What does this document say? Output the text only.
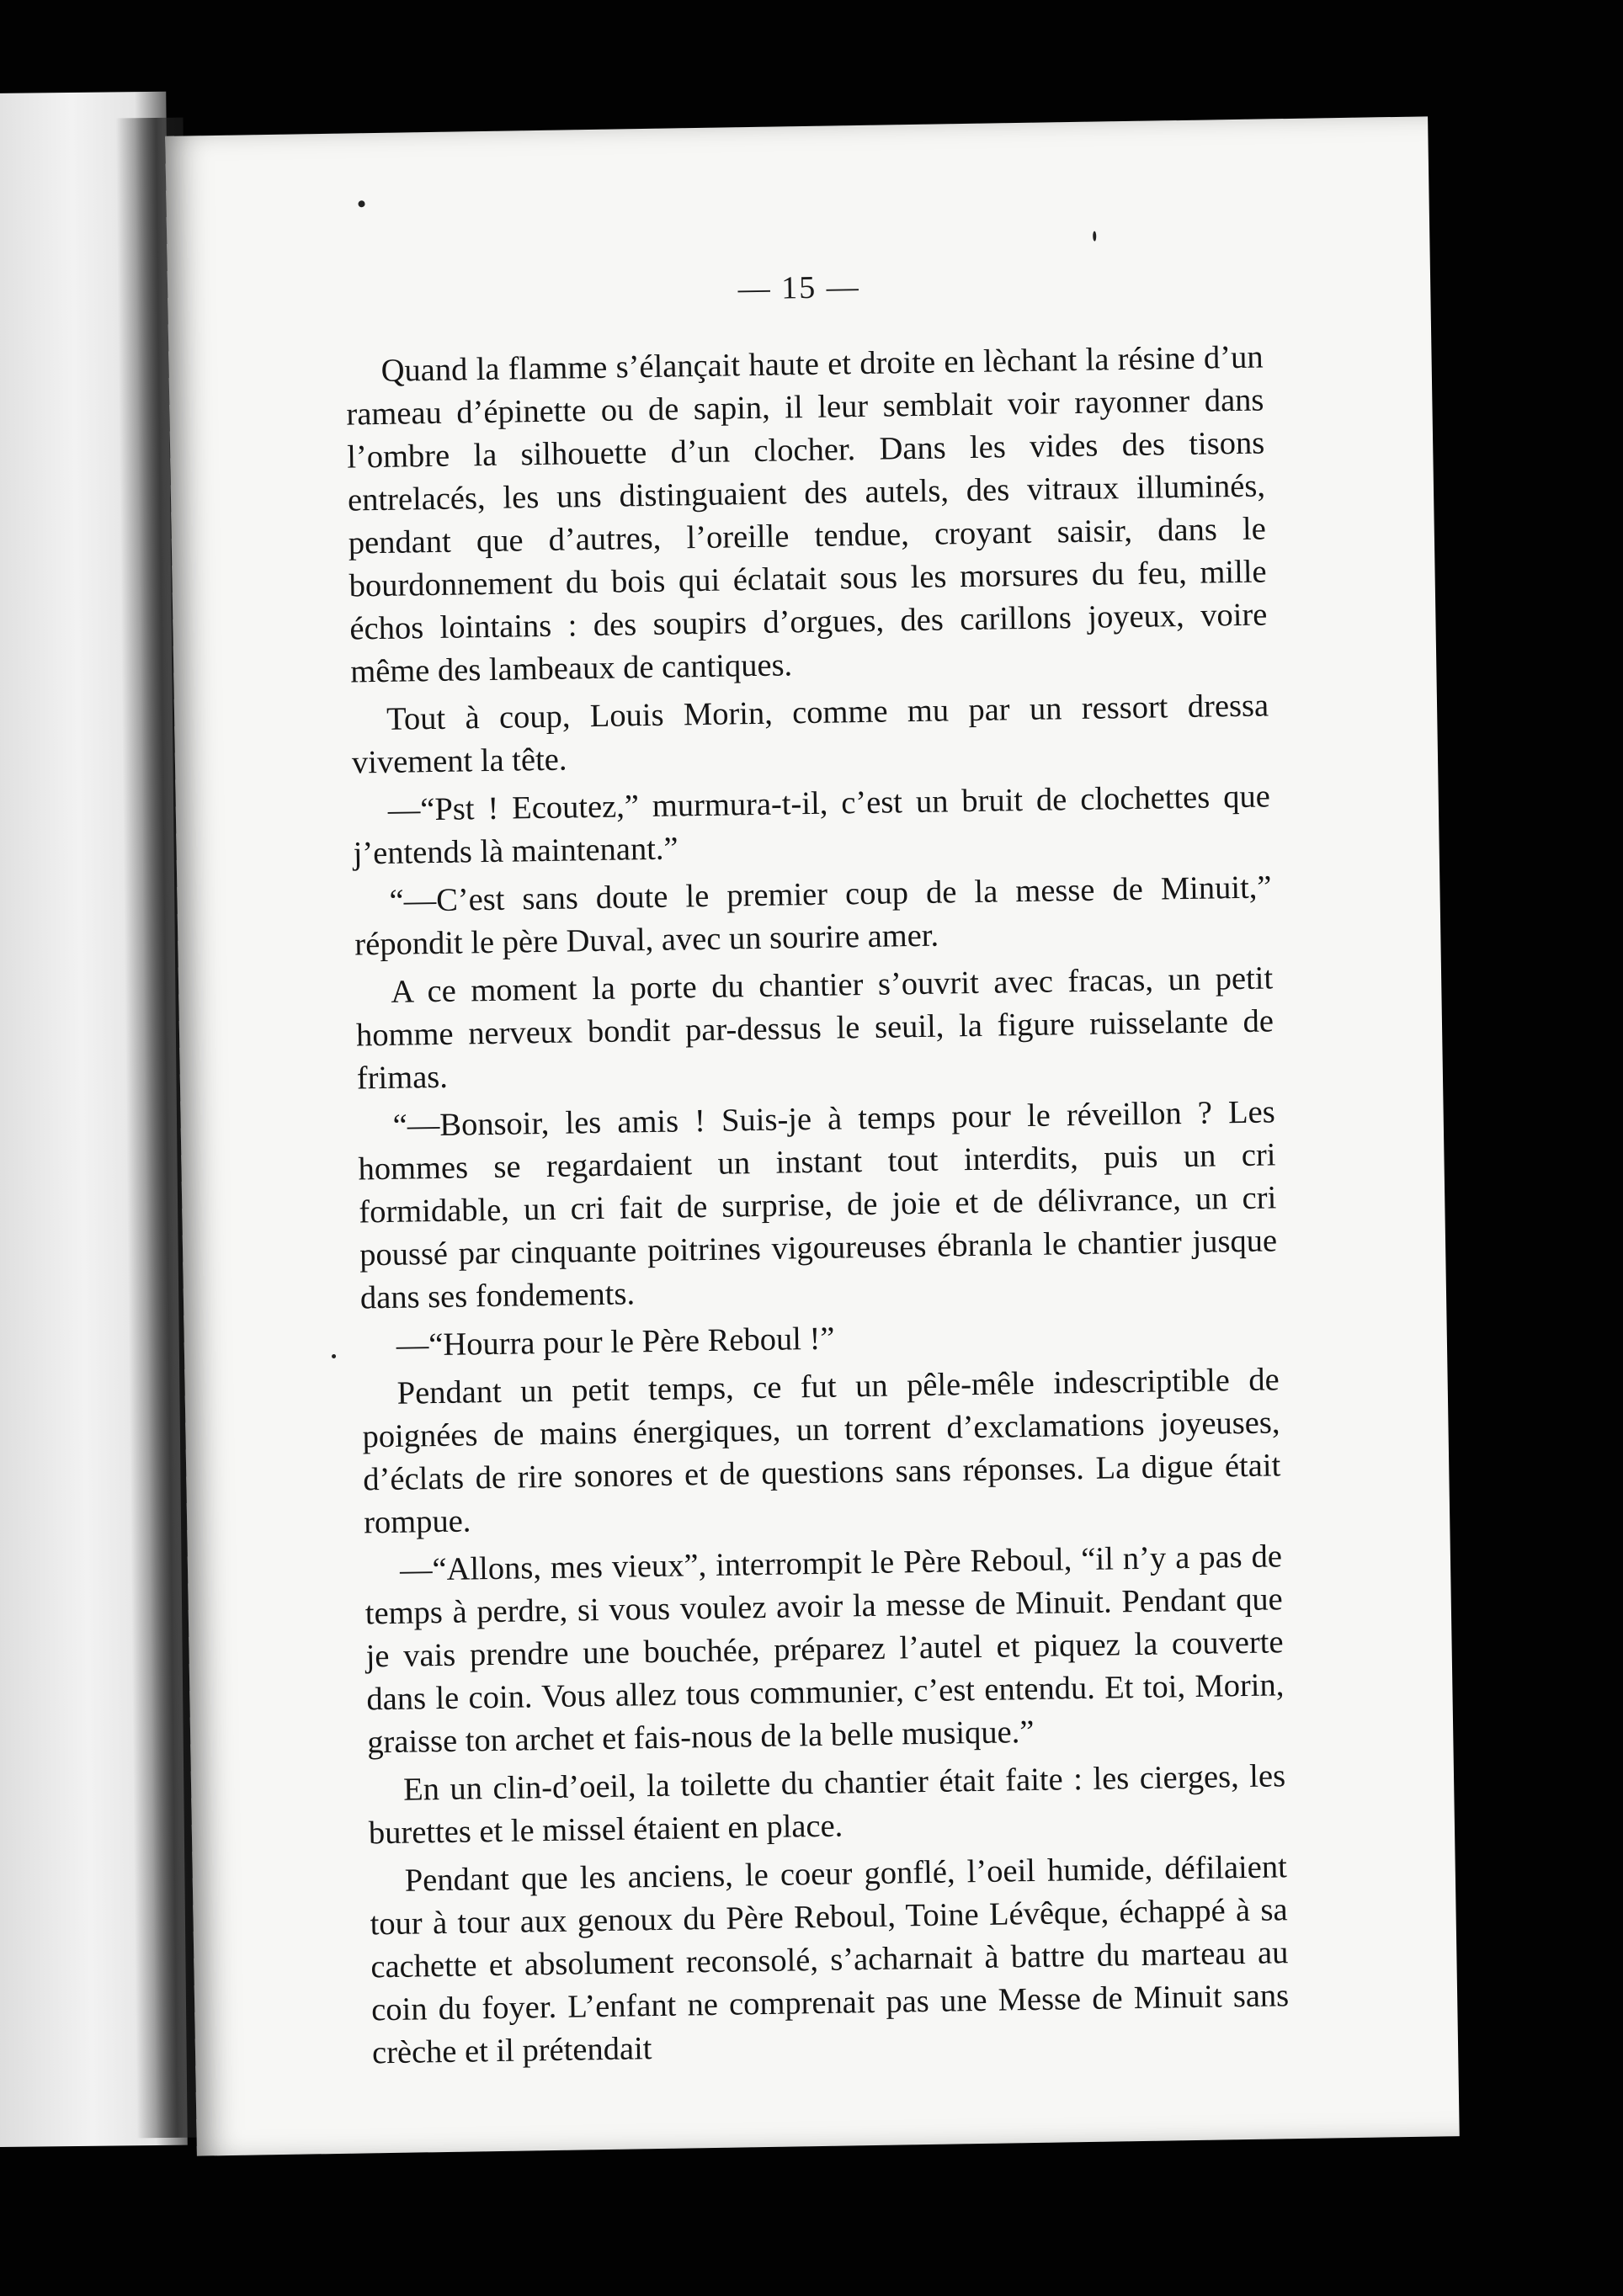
— 15 —

Quand la flamme s’élançait haute et droite en lèchant la résine d’un rameau d’épinette ou de sapin, il leur semblait voir rayonner dans l’ombre la silhouette d’un clocher. Dans les vides des tisons entrelacés, les uns distinguaient des autels, des vitraux illuminés, pendant que d’autres, l’oreille tendue, croyant saisir, dans le bourdonnement du bois qui éclatait sous les morsures du feu, mille échos lointains : des soupirs d’orgues, des carillons joyeux, voire même des lambeaux de cantiques.

Tout à coup, Louis Morin, comme mu par un ressort dressa vivement la tête.

—“Pst ! Ecoutez,” murmura-t-il, c’est un bruit de clochettes que j’entends là maintenant.”

“—C’est sans doute le premier coup de la messe de Minuit,” répondit le père Duval, avec un sourire amer.

A ce moment la porte du chantier s’ouvrit avec fracas, un petit homme nerveux bondit par-dessus le seuil, la figure ruisselante de frimas.

“—Bonsoir, les amis ! Suis-je à temps pour le réveillon ? Les hommes se regardaient un instant tout interdits, puis un cri formidable, un cri fait de surprise, de joie et de délivrance, un cri poussé par cinquante poitrines vigoureuses ébranla le chantier jusque dans ses fondements.

—“Hourra pour le Père Reboul !”

Pendant un petit temps, ce fut un pêle-mêle indescriptible de poignées de mains énergiques, un torrent d’exclamations joyeuses, d’éclats de rire sonores et de questions sans réponses. La digue était rompue.

—“Allons, mes vieux”, interrompit le Père Reboul, “il n’y a pas de temps à perdre, si vous voulez avoir la messe de Minuit. Pendant que je vais prendre une bouchée, préparez l’autel et piquez la couverte dans le coin. Vous allez tous communier, c’est entendu. Et toi, Morin, graisse ton archet et fais-nous de la belle musique.”

En un clin-d’oeil, la toilette du chantier était faite : les cierges, les burettes et le missel étaient en place.

Pendant que les anciens, le coeur gonflé, l’oeil humide, défilaient tour à tour aux genoux du Père Reboul, Toine Lévêque, échappé à sa cachette et absolument reconsolé, s’acharnait à battre du marteau au coin du foyer. L’enfant ne comprenait pas une Messe de Minuit sans crèche et il prétendait
